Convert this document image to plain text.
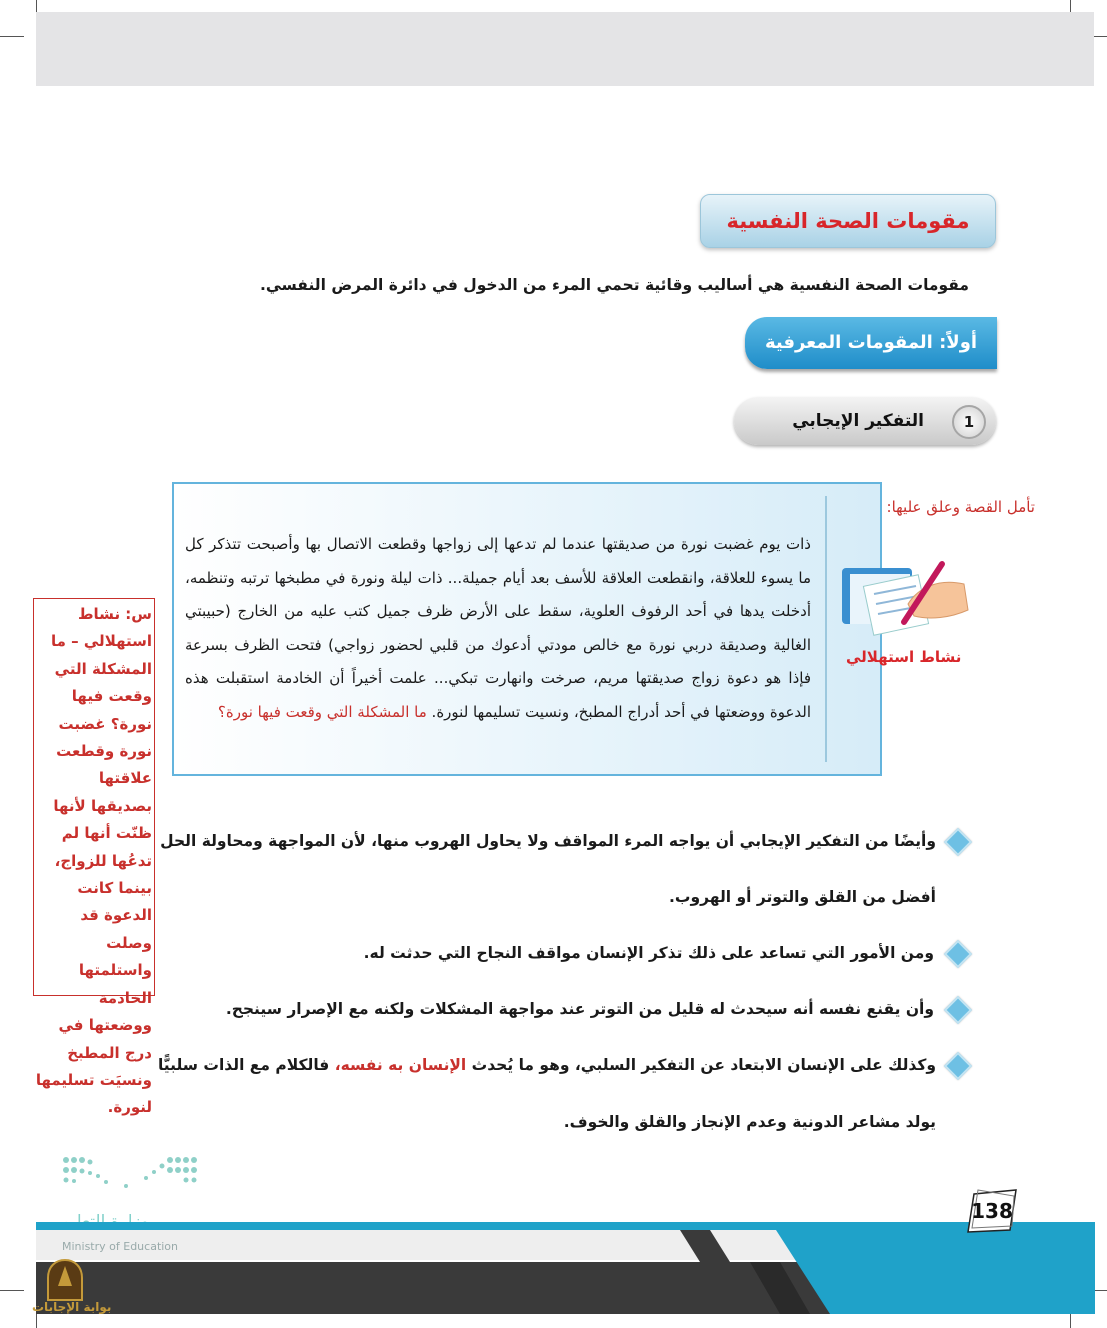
مقومات الصحة النفسية
مقومات الصحة النفسية هي أساليب وقائية تحمي المرء من الدخول في دائرة المرض النفسي.
أولاً: المقومات المعرفية
التفكير الإيجابي	1
تأمل القصة وعلق عليها:
ذات يوم غضبت نورة من صديقتها عندما لم تدعها إلى زواجها وقطعت الاتصال بها وأصبحت تتذكر كل ما يسوء للعلاقة، وانقطعت العلاقة للأسف بعد أيام جميلة... ذات ليلة ونورة في مطبخها ترتبه وتنظمه، أدخلت يدها في أحد الرفوف العلوية، سقط على الأرض ظرف جميل كتب عليه من الخارج (حبيبتي الغالية وصديقة دربي نورة مع خالص مودتي أدعوك من قلبي لحضور زواجي) فتحت الظرف بسرعة فإذا هو دعوة زواج صديقتها مريم، صرخت وانهارت تبكي... علمت أخيراً أن الخادمة استقبلت هذه الدعوة ووضعتها في أحد أدراج المطبخ، ونسيت تسليمها لنورة. ما المشكلة التي وقعت فيها نورة؟
نشاط استهلالي
س: نشاط استهلالي – ما المشكلة التي وقعت فيها نورة؟ غضبت نورة وقطعت علاقتها بصديقها لأنها ظنّت أنها لم تدعُها للزواج، بينما كانت الدعوة قد وصلت واستلمتها الخادمة ووضعتها في درج المطبخ ونسيَت تسليمها لنورة.
وأيضًا من التفكير الإيجابي أن يواجه المرء المواقف ولا يحاول الهروب منها، لأن المواجهة ومحاولة الحل
أفضل من القلق والتوتر أو الهروب.
ومن الأمور التي تساعد على ذلك تذكر الإنسان مواقف النجاح التي حدثت له.
وأن يقنع نفسه أنه سيحدث له قليل من التوتر عند مواجهة المشكلات ولكنه مع الإصرار سينجح.
وكذلك على الإنسان الابتعاد عن التفكير السلبي، وهو ما يُحدث الإنسان به نفسه، فالكلام مع الذات سلبيًّا
يولد مشاعر الدونية وعدم الإنجاز والقلق والخوف.
Ministry of Education
138
بوابة الإجابات
